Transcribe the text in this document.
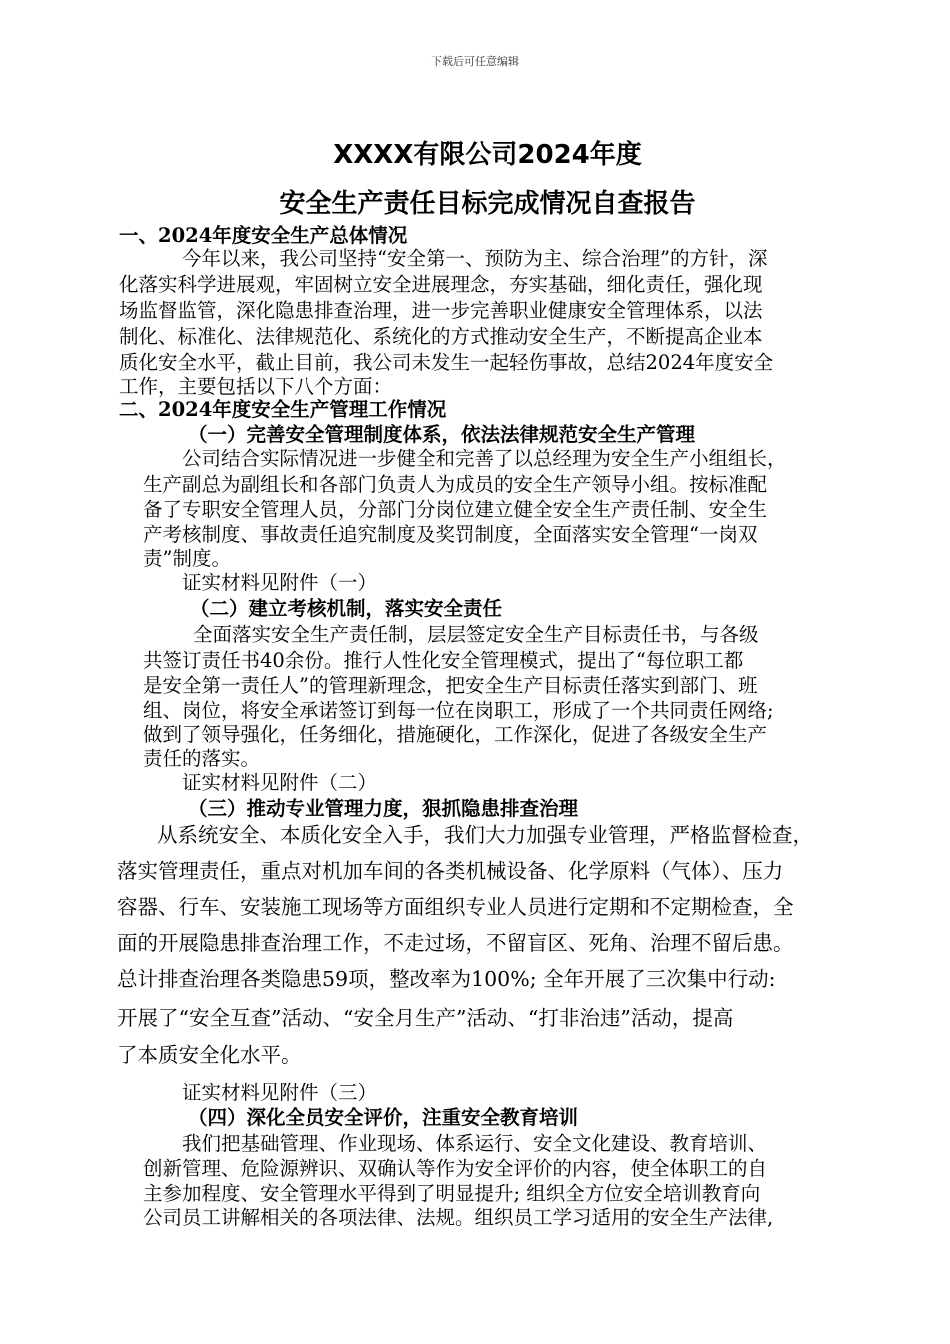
下载后可任意编辑
XXXX有限公司2024年度
安全生产责任目标完成情况自查报告
一、2024年度安全生产总体情况
今年以来，我公司坚持“安全第一、预防为主、综合治理”的方针，深
化落实科学进展观，牢固树立安全进展理念，夯实基础，细化责任，强化现
场监督监管，深化隐患排查治理，进一步完善职业健康安全管理体系，以法
制化、标准化、法律规范化、系统化的方式推动安全生产，不断提高企业本
质化安全水平，截止目前，我公司未发生一起轻伤事故，总结2024年度安全
工作，主要包括以下八个方面：
二、2024年度安全生产管理工作情况
（一）完善安全管理制度体系，依法法律规范安全生产管理
公司结合实际情况进一步健全和完善了以总经理为安全生产小组组长，
生产副总为副组长和各部门负责人为成员的安全生产领导小组。按标准配
备了专职安全管理人员，分部门分岗位建立健全安全生产责任制、安全生
产考核制度、事故责任追究制度及奖罚制度，全面落实安全管理“一岗双
责”制度。
证实材料见附件（一）
（二）建立考核机制，落实安全责任
全面落实安全生产责任制，层层签定安全生产目标责任书，与各级
共签订责任书40余份。推行人性化安全管理模式，提出了“每位职工都
是安全第一责任人”的管理新理念，把安全生产目标责任落实到部门、班
组、岗位，将安全承诺签订到每一位在岗职工，形成了一个共同责任网络;
做到了领导强化，任务细化，措施硬化，工作深化，促进了各级安全生产
责任的落实。
证实材料见附件（二）
（三）推动专业管理力度，狠抓隐患排查治理
从系统安全、本质化安全入手，我们大力加强专业管理，严格监督检查，
落实管理责任，重点对机加车间的各类机械设备、化学原料（气体）、压力
容器、行车、安装施工现场等方面组织专业人员进行定期和不定期检查，全
面的开展隐患排查治理工作，不走过场，不留盲区、死角、治理不留后患。
总计排查治理各类隐患59项，整改率为100%; 全年开展了三次集中行动:
开展了“安全互查”活动、“安全月生产”活动、“打非治违”活动，提高
了本质安全化水平。
证实材料见附件（三）
（四）深化全员安全评价，注重安全教育培训
我们把基础管理、作业现场、体系运行、安全文化建设、教育培训、
创新管理、危险源辨识、双确认等作为安全评价的内容，使全体职工的自
主参加程度、安全管理水平得到了明显提升; 组织全方位安全培训教育向
公司员工讲解相关的各项法律、法规。组织员工学习适用的安全生产法律,
